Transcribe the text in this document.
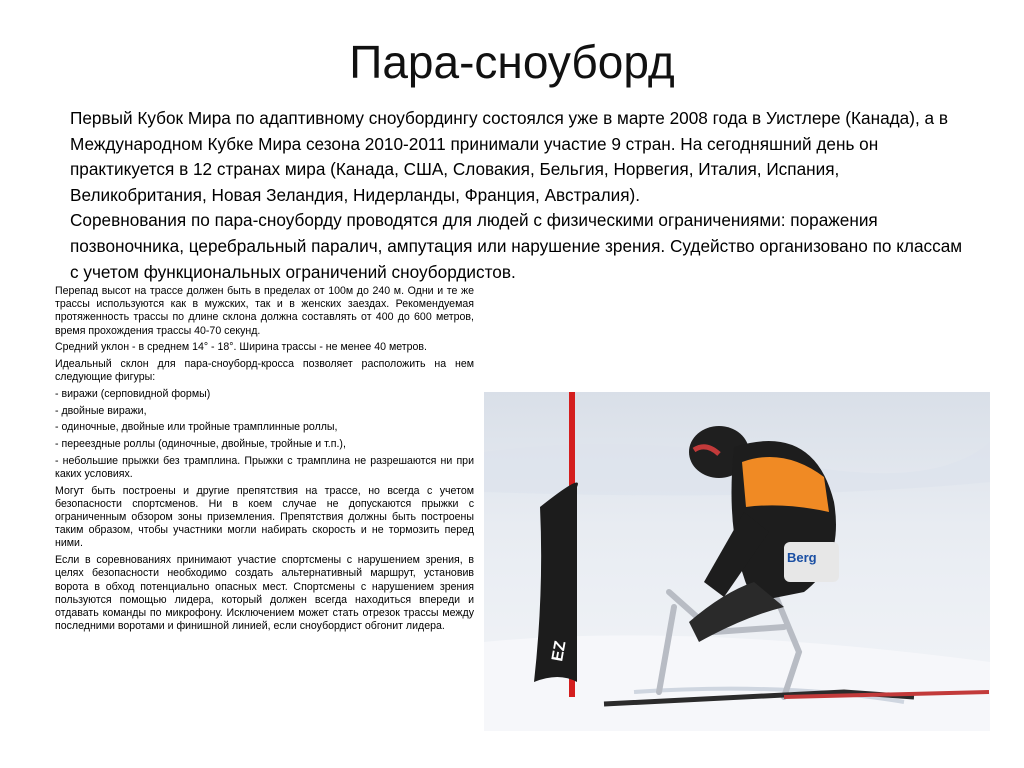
Пара-сноуборд

Первый Кубок Мира по адаптивному сноубордингу состоялся уже в марте 2008 года в Уистлере (Канада), а в Международном Кубке Мира сезона 2010-2011 принимали участие 9 стран. На сегодняшний день он практикуется в 12 странах мира (Канада, США, Словакия, Бельгия, Норвегия, Италия, Испания, Великобритания, Новая Зеландия, Нидерланды, Франция, Австралия).

Соревнования по пара-сноуборду проводятся для людей с физическими ограничениями: поражения позвоночника, церебральный паралич, ампутация или нарушение зрения. Судейство организовано по классам с учетом функциональных ограничений сноубордистов.

Перепад высот на трассе должен быть в пределах от 100м до 240 м. Одни и те же трассы используются как в мужских, так и в женских заездах. Рекомендуемая протяженность трассы по длине склона должна составлять от 400 до 600 метров, время прохождения трассы 40-70 секунд.

Средний уклон - в среднем 14° - 18°. Ширина трассы - не менее 40 метров.

Идеальный склон для пара-сноуборд-кросса позволяет расположить на нем следующие фигуры:

- виражи (серповидной формы)

- двойные виражи,

- одиночные, двойные или тройные трамплинные роллы,

- переездные роллы (одиночные, двойные, тройные и т.п.),

- небольшие прыжки без трамплина. Прыжки с трамплина не разрешаются ни при каких условиях.

Могут быть построены и другие препятствия на трассе, но всегда с учетом безопасности спортсменов. Ни в коем случае не допускаются прыжки с ограниченным обзором зоны приземления. Препятствия должны быть построены таким образом, чтобы участники могли набирать скорость и не тормозить перед ними.

Если в соревнованиях принимают участие спортсмены с нарушением зрения, в целях безопасности необходимо создать альтернативный маршрут, установив ворота в обход потенциально опасных мест. Спортсмены с нарушением зрения пользуются помощью лидера, который должен всегда находиться впереди и отдавать команды по микрофону. Исключением может стать отрезок трассы между последними воротами и финишной линией, если сноубордист обгонит лидера.

EZ
Berg
